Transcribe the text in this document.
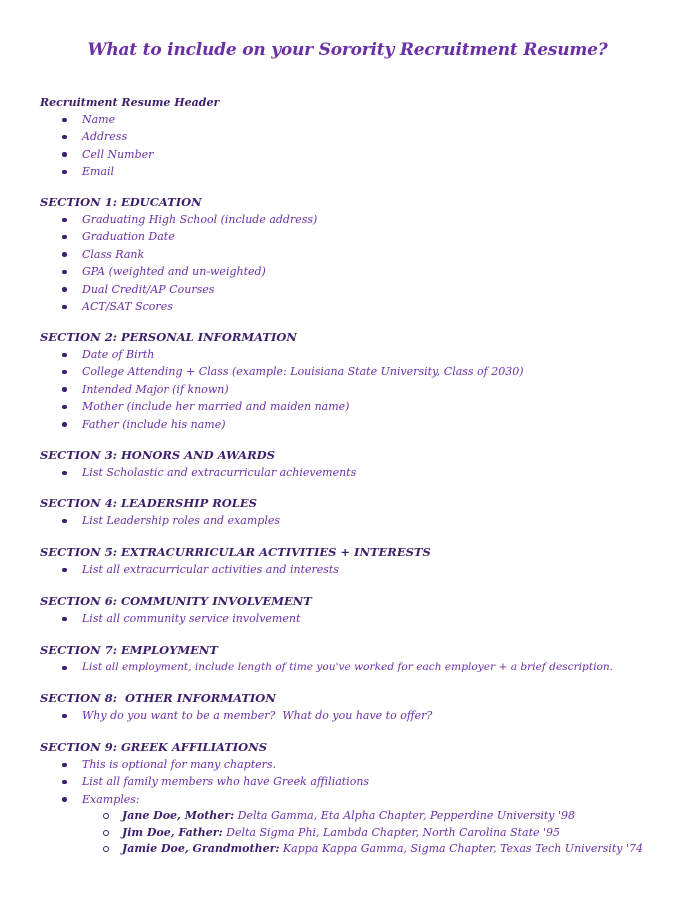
What to include on your Sorority Recruitment Resume?
Recruitment Resume Header
Name
Address
Cell Number
Email
SECTION 1: EDUCATION
Graduating High School (include address)
Graduation Date
Class Rank
GPA (weighted and un-weighted)
Dual Credit/AP Courses
ACT/SAT Scores
SECTION 2: PERSONAL INFORMATION
Date of Birth
College Attending + Class (example: Louisiana State University, Class of 2030)
Intended Major (if known)
Mother (include her married and maiden name)
Father (include his name)
SECTION 3: HONORS AND AWARDS
List Scholastic and extracurricular achievements
SECTION 4: LEADERSHIP ROLES
List Leadership roles and examples
SECTION 5: EXTRACURRICULAR ACTIVITIES + INTERESTS
List all extracurricular activities and interests
SECTION 6: COMMUNITY INVOLVEMENT
List all community service involvement
SECTION 7: EMPLOYMENT
List all employment, include length of time you've worked for each employer + a brief description.
SECTION 8:  OTHER INFORMATION
Why do you want to be a member?  What do you have to offer?
SECTION 9: GREEK AFFILIATIONS
This is optional for many chapters.
List all family members who have Greek affiliations
Examples:
Jane Doe, Mother: Delta Gamma, Eta Alpha Chapter, Pepperdine University '98
Jim Doe, Father: Delta Sigma Phi, Lambda Chapter, North Carolina State '95
Jamie Doe, Grandmother: Kappa Kappa Gamma, Sigma Chapter, Texas Tech University '74
